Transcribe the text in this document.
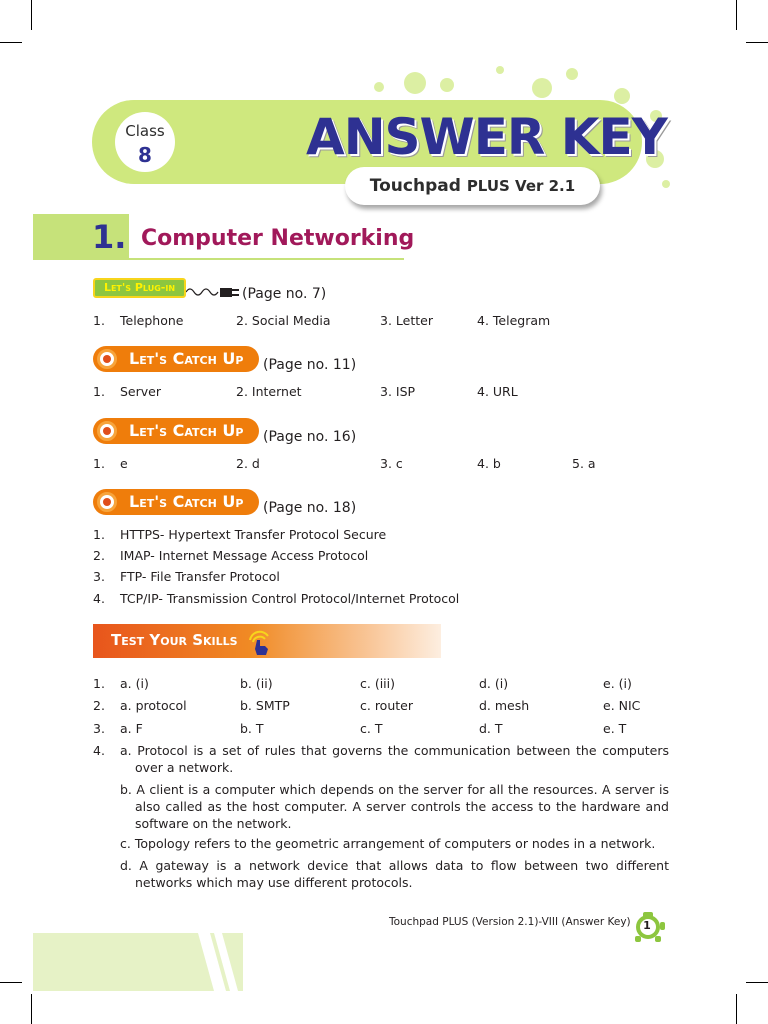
Class
8	ANSWER KEY
Touchpad PLUS Ver 2.1
1. Computer Networking
Let's Plug-in	(Page no. 7)
1. Telephone	2. Social Media	3. Letter	4. Telegram
Let's Catch Up	(Page no. 11)
1. Server	2. Internet	3. ISP	4. URL
Let's Catch Up	(Page no. 16)
1. e	2. d	3. c	4. b	5. a
Let's Catch Up	(Page no. 18)
1. HTTPS- Hypertext Transfer Protocol Secure
2. IMAP- Internet Message Access Protocol
3. FTP- File Transfer Protocol
4. TCP/IP- Transmission Control Protocol/Internet Protocol
Test Your Skills
1. a. (i)	b. (ii)	c. (iii)	d. (i)	e. (i)
2. a. protocol	b. SMTP	c. router	d. mesh	e. NIC
3. a. F	b. T	c. T	d. T	e. T
4. a. Protocol is a set of rules that governs the communication between the computers over a network.
b. A client is a computer which depends on the server for all the resources. A server is also called as the host computer. A server controls the access to the hardware and software on the network.
c. Topology refers to the geometric arrangement of computers or nodes in a network.
d. A gateway is a network device that allows data to flow between two different networks which may use different protocols.
Touchpad PLUS (Version 2.1)-VIII (Answer Key)	1
